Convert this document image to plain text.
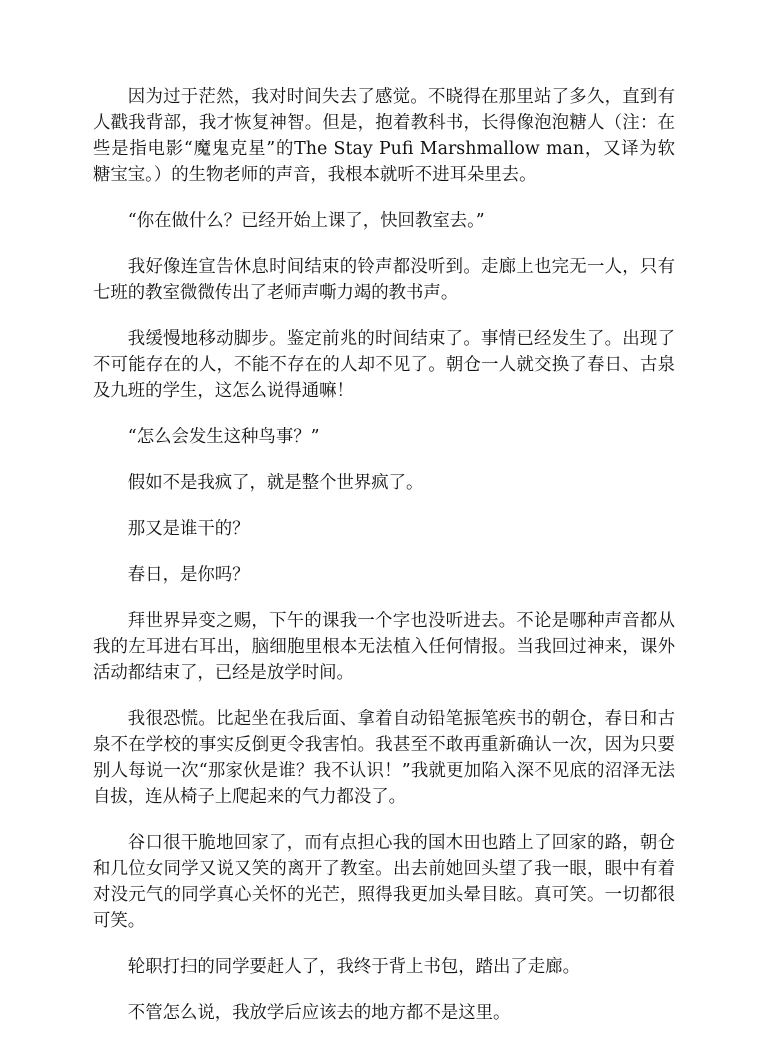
因为过于茫然，我对时间失去了感觉。不晓得在那里站了多久，直到有人戳我背部，我才恢复神智。但是，抱着教科书，长得像泡泡糖人（注：在些是指电影“魔鬼克星”的The Stay Pufi Marshmallow man，又译为软糖宝宝。）的生物老师的声音，我根本就听不进耳朵里去。

“你在做什么？已经开始上课了，快回教室去。”

我好像连宣告休息时间结束的铃声都没听到。走廊上也完无一人，只有七班的教室微微传出了老师声嘶力竭的教书声。

我缓慢地移动脚步。鉴定前兆的时间结束了。事情已经发生了。出现了不可能存在的人，不能不存在的人却不见了。朝仓一人就交换了春日、古泉及九班的学生，这怎么说得通嘛！

“怎么会发生这种鸟事？”

假如不是我疯了，就是整个世界疯了。

那又是谁干的？

春日，是你吗？

拜世界异变之赐，下午的课我一个字也没听进去。不论是哪种声音都从我的左耳进右耳出，脑细胞里根本无法植入任何情报。当我回过神来，课外活动都结束了，已经是放学时间。

我很恐慌。比起坐在我后面、拿着自动铅笔振笔疾书的朝仓，春日和古泉不在学校的事实反倒更令我害怕。我甚至不敢再重新确认一次，因为只要别人每说一次“那家伙是谁？我不认识！”我就更加陷入深不见底的沼泽无法自拔，连从椅子上爬起来的气力都没了。

谷口很干脆地回家了，而有点担心我的国木田也踏上了回家的路，朝仓和几位女同学又说又笑的离开了教室。出去前她回头望了我一眼，眼中有着对没元气的同学真心关怀的光芒，照得我更加头晕目眩。真可笑。一切都很可笑。

轮职打扫的同学要赶人了，我终于背上书包，踏出了走廊。

不管怎么说，我放学后应该去的地方都不是这里。
